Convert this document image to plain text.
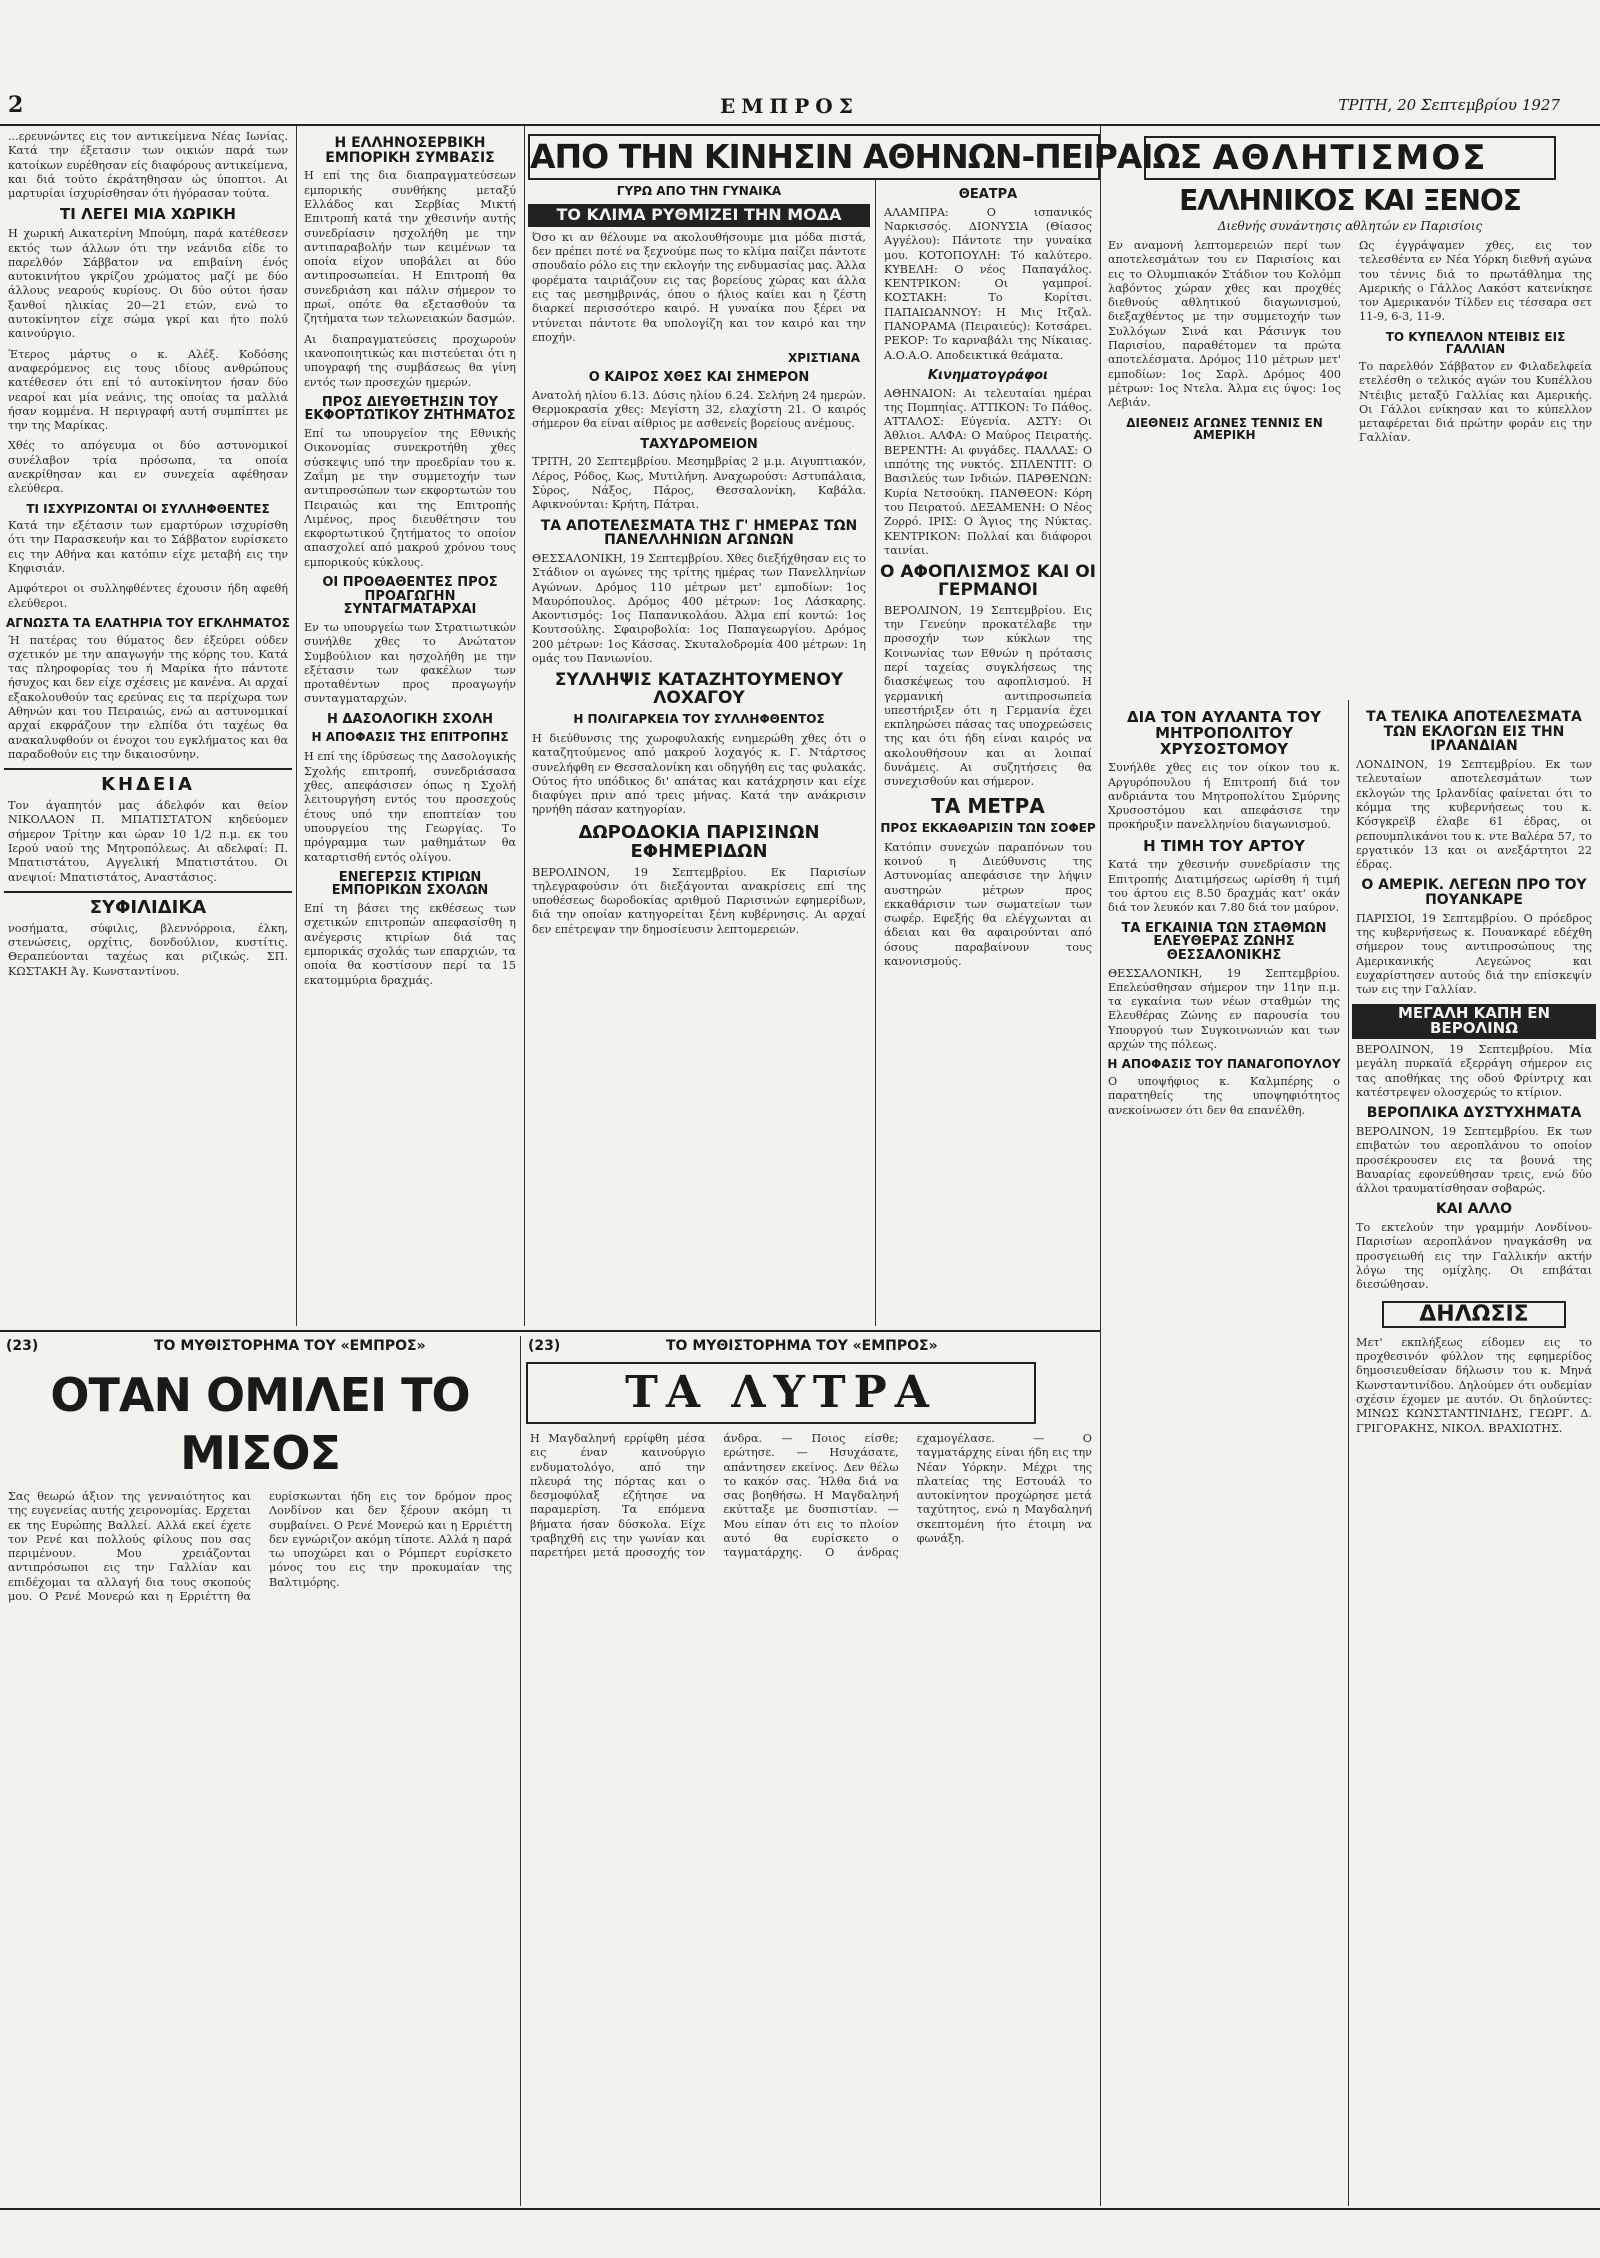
2	ΕΜΠΡΟΣ	ΤΡΙΤΗ, 20 Σεπτεμβρίου 1927

...ερευνώντες εις τον αντικείμενα Νέας Ιωνίας. Κατά την έξετασιν των οικιών παρά των κατοίκων ευρέθησαν είς διαφόρους αντικείμενα, και διά τούτο έκράτηθησαν ώς ύποπτοι. Αι μαρτυρίαι ίσχυρίσθησαν ότι ήγόρασαν τούτα.

ΤΙ ΛΕΓΕΙ ΜΙΑ ΧΩΡΙΚΗ

Η χωρική Αικατερίνη Μπούμη, παρά κατέθεσεν εκτός των άλλων ότι την νεάνιδα είδε το παρελθόν Σάββατον να επιβαίνη ένός αυτοκινήτου γκρίζου χρώματος μαζί με δύο άλλους νεαρούς κυρίους. Οι δύο ούτοι ήσαν ξανθοί ηλικίας 20—21 ετών, ενώ το αυτοκίνητον είχε σώμα γκρί και ήτο πολύ καινούργιο.

Έτερος μάρτυς ο κ. Αλέξ. Κοδόσης αναφερόμενος εις τους ιδίους ανθρώπους κατέθεσεν ότι επί τό αυτοκίνητον ήσαν δύο νεαροί και μία νεάνις, της οποίας τα μαλλιά ήσαν κομμένα. Η περιγραφή αυτή συμπίπτει με την της Μαρίκας.

Χθές το απόγευμα οι δύο αστυνομικοί συνέλαβον τρία πρόσωπα, τα οποία ανεκρίθησαν και εν συνεχεία αφέθησαν ελεύθερα.

ΤΙ ΙΣΧΥΡΙΖΟΝΤΑΙ ΟΙ ΣΥΛΛΗΦΘΕΝΤΕΣ

Κατά την εξέτασιν των εμαρτύρων ισχυρίσθη ότι την Παρασκευήν και το Σάββατον ευρίσκετο εις την Αθήνα και κατόπιν είχε μεταβή εις την Κηφισιάν.

Αμφότεροι οι συλληφθέντες έχουσιν ήδη αφεθή ελεύθεροι.

ΑΓΝΩΣΤΑ ΤΑ ΕΛΑΤΗΡΙΑ ΤΟΥ ΕΓΚΛΗΜΑΤΟΣ

Ή πατέρας του θύματος δεν έξεύρει ούδεν σχετικόν με την απαγωγήν της κόρης του. Κατά τας πληροφορίας του ή Μαρίκα ήτο πάντοτε ήσυχος και δεν είχε σχέσεις με κανένα. Αι αρχαί εξακολουθούν τας ερεύνας εις τα περίχωρα των Αθηνών και του Πειραιώς, ενώ αι αστυνομικαί αρχαί εκφράζουν την ελπίδα ότι ταχέως θα ανακαλυφθούν οι ένοχοι του εγκλήματος και θα παραδοθούν εις την δικαιοσύνην.

ΚΗΔΕΙΑ

Τον άγαπητόν μας άδελφόν και θείον ΝΙΚΟΛΑΟΝ Π. ΜΠΑΤΙΣΤΑΤΟΝ κηδεύομεν σήμερον Τρίτην και ώραν 10 1/2 π.μ. εκ του Ιερού ναού της Μητροπόλεως. Αι αδελφαί: Π. Μπατιστάτου, Αγγελική Μπατιστάτου. Οι ανεψιοί: Μπατιστάτος, Αναστάσιος.

ΣΥΦΙΛΙΔΙΚΑ

νοσήματα, σύφιλις, βλεννόρροια, έλκη, στενώσεις, ορχίτις, δονδούλιον, κυστίτις. Θεραπεύονται ταχέως και ριζικώς. ΣΠ. ΚΩΣΤΑΚΗ Άγ. Κωνσταντίνου.

Η ΕΛΛΗΝΟΣΕΡΒΙΚΗ ΕΜΠΟΡΙΚΗ ΣΥΜΒΑΣΙΣ

Η επί της δια διαπραγματεύσεων εμπορικής συνθήκης μεταξύ Ελλάδος και Σερβίας Μικτή Επιτροπή κατά την χθεσινήν αυτής συνεδρίασιν ησχολήθη με την αντιπαραβολήν των κειμένων τα οποία είχον υποβάλει αι δύο αντιπροσωπείαι. Η Επιτροπή θα συνεδριάση και πάλιν σήμερον το πρωί, οπότε θα εξετασθούν τα ζητήματα των τελωνειακών δασμών.

Αι διαπραγματεύσεις προχωρούν ικανοποιητικώς και πιστεύεται ότι η υπογραφή της συμβάσεως θα γίνη εντός των προσεχών ημερών.

ΠΡΟΣ ΔΙΕΥΘΕΤΗΣΙΝ ΤΟΥ ΕΚΦΟΡΤΩΤΙΚΟΥ ΖΗΤΗΜΑΤΟΣ

Επί τω υπουργείον της Εθνικής Οικονομίας συνεκροτήθη χθες σύσκεψις υπό την προεδρίαν του κ. Ζαΐμη με την συμμετοχήν των αντιπροσώπων των εκφορτωτών του Πειραιώς και της Επιτροπής Λιμένος, προς διευθέτησιν του εκφορτωτικού ζητήματος το οποίον απασχολεί από μακρού χρόνου τους εμπορικούς κύκλους.

ΟΙ ΠΡΟΘΑΘΕΝΤΕΣ ΠΡΟΣ ΠΡΟΑΓΩΓΗΝ ΣΥΝΤΑΓΜΑΤΑΡΧΑΙ

Εν τω υπουργείω των Στρατιωτικών συνήλθε χθες το Ανώτατον Συμβούλιον και ησχολήθη με την εξέτασιν των φακέλων των προταθέντων προς προαγωγήν συνταγματαρχών.

Η ΔΑΣΟΛΟΓΙΚΗ ΣΧΟΛΗ
Η ΑΠΟΦΑΣΙΣ ΤΗΣ ΕΠΙΤΡΟΠΗΣ

Η επί της ίδρύσεως της Δασολογικής Σχολής επιτροπή, συνεδριάσασα χθες, απεφάσισεν όπως η Σχολή λειτουργήση εντός του προσεχούς έτους υπό την εποπτείαν του υπουργείου της Γεωργίας. Το πρόγραμμα των μαθημάτων θα καταρτισθή εντός ολίγου.

ΕΝΕΓΕΡΣΙΣ ΚΤΙΡΙΩΝ ΕΜΠΟΡΙΚΩΝ ΣΧΟΛΩΝ

Επί τη βάσει της εκθέσεως των σχετικών επιτροπών απεφασίσθη η ανέγερσις κτιρίων διά τας εμπορικάς σχολάς των επαρχιών, τα οποία θα κοστίσουν περί τα 15 εκατομμύρια δραχμάς.

ΑΠΟ ΤΗΝ ΚΙΝΗΣΙΝ ΑΘΗΝΩΝ-ΠΕΙΡΑΙΩΣ
ΓΥΡΩ ΑΠΟ ΤΗΝ ΓΥΝΑΙΚΑ
ΤΟ ΚΛΙΜΑ ΡΥΘΜΙΖΕΙ ΤΗΝ ΜΟΔΑ

Όσο κι αν θέλουμε να ακολουθήσουμε μια μόδα πιστά, δεν πρέπει ποτέ να ξεχνούμε πως το κλίμα παίζει πάντοτε σπουδαίο ρόλο εις την εκλογήν της ενδυμασίας μας. Άλλα φορέματα ταιριάζουν εις τας βορείους χώρας και άλλα εις τας μεσημβρινάς, όπου ο ήλιος καίει και η ζέστη διαρκεί περισσότερο καιρό. Η γυναίκα που ξέρει να ντύνεται πάντοτε θα υπολογίζη και τον καιρό και την εποχήν.

ΧΡΙΣΤΙΑΝΑ
Ο ΚΑΙΡΟΣ ΧΘΕΣ ΚΑΙ ΣΗΜΕΡΟΝ

Ανατολή ηλίου 6.13. Δύσις ηλίου 6.24. Σελήνη 24 ημερών. Θερμοκρασία χθες: Μεγίστη 32, ελαχίστη 21. Ο καιρός σήμερον θα είναι αίθριος με ασθενείς βορείους ανέμους.

ΤΑΧΥΔΡΟΜΕΙΟΝ

ΤΡΙΤΗ, 20 Σεπτεμβρίου. Μεσημβρίας 2 μ.μ. Αιγυπτιακόν, Λέρος, Ρόδος, Κως, Μυτιλήνη. Αναχωρούσι: Αστυπάλαια, Σύρος, Νάξος, Πάρος, Θεσσαλονίκη, Καβάλα. Αφικνούνται: Κρήτη, Πάτραι.

ΤΑ ΑΠΟΤΕΛΕΣΜΑΤΑ ΤΗΣ Γ' ΗΜΕΡΑΣ ΤΩΝ ΠΑΝΕΛΛΗΝΙΩΝ ΑΓΩΝΩΝ

ΘΕΣΣΑΛΟΝΙΚΗ, 19 Σεπτεμβρίου. Χθες διεξήχθησαν εις το Στάδιον οι αγώνες της τρίτης ημέρας των Πανελληνίων Αγώνων. Δρόμος 110 μέτρων μετ' εμποδίων: 1ος Μαυρόπουλος. Δρόμος 400 μέτρων: 1ος Λάσκαρης. Ακοντισμός: 1ος Παπανικολάου. Άλμα επί κοντώ: 1ος Κουτσούλης. Σφαιροβολία: 1ος Παπαγεωργίου. Δρόμος 200 μέτρων: 1ος Κάσσας. Σκυταλοδρομία 400 μέτρων: 1η ομάς του Πανιωνίου.

ΣΥΛΛΗΨΙΣ ΚΑΤΑΖΗΤΟΥΜΕΝΟΥ ΛΟΧΑΓΟΥ
Η ΠΟΛΙΓΑΡΚΕΙΑ ΤΟΥ ΣΥΛΛΗΦΘΕΝΤΟΣ

Η διεύθυνσις της χωροφυλακής ενημερώθη χθες ότι ο καταζητούμενος από μακρού λοχαγός κ. Γ. Ντάρτσος συνελήφθη εν Θεσσαλονίκη και οδηγήθη εις τας φυλακάς. Ούτος ήτο υπόδικος δι' απάτας και κατάχρησιν και είχε διαφύγει πριν από τρεις μήνας. Κατά την ανάκρισιν ηρνήθη πάσαν κατηγορίαν.

ΔΩΡΟΔΟΚΙΑ ΠΑΡΙΣΙΝΩΝ ΕΦΗΜΕΡΙΔΩΝ

ΒΕΡΟΛΙΝΟΝ, 19 Σεπτεμβρίου. Εκ Παρισίων τηλεγραφούσιν ότι διεξάγονται ανακρίσεις επί της υποθέσεως δωροδοκίας αριθμού Παρισινών εφημερίδων, διά την οποίαν κατηγορείται ξένη κυβέρνησις. Αι αρχαί δεν επέτρεψαν την δημοσίευσιν λεπτομερειών.

ΘΕΑΤΡΑ

ΑΛΑΜΠΡΑ: Ο ισπανικός Ναρκισσός. ΔΙΟΝΥΣΙΑ (Θίασος Αγγέλου): Πάντοτε την γυναίκα μου. ΚΟΤΟΠΟΥΛΗ: Τό καλύτερο. ΚΥΒΕΛΗ: Ο νέος Παπαγάλος. ΚΕΝΤΡΙΚΟΝ: Οι γαμπροί. ΚΟΣΤΑΚΗ: Το Κορίτσι. ΠΑΠΑΙΩΑΝΝΟΥ: Η Μις Ιτζαλ. ΠΑΝΟΡΑΜΑ (Πειραιεύς): Κοτσάρει. ΡΕΚΟΡ: Το καρναβάλι της Νίκαιας. Α.Ο.Α.Ο. Αποδεικτικά θεάματα.

Κινηματογράφοι

ΑΘΗΝΑΙΟΝ: Αι τελευταίαι ημέραι της Πομπηίας. ΑΤΤΙΚΟΝ: Το Πάθος. ΑΤΤΑΛΟΣ: Εύγενία. ΑΣΤΥ: Οι Άθλιοι. ΑΛΦΑ: Ο Μαύρος Πειρατής. ΒΕΡΕΝΤΗ: Αι φυγάδες. ΠΑΛΛΑΣ: Ο ιππότης της νυκτός. ΣΠΛΕΝΤΙΤ: Ο Βασιλεύς των Ινδιών. ΠΑΡΘΕΝΩΝ: Κυρία Νετσούκη. ΠΑΝΘΕΟΝ: Κόρη του Πειρατού. ΔΕΞΑΜΕΝΗ: Ο Νέος Ζορρό. ΙΡΙΣ: Ο Άγιος της Νύκτας. ΚΕΝΤΡΙΚΟΝ: Πολλαί και διάφοροι ταινίαι.

Ο ΑΦΟΠΛΙΣΜΟΣ ΚΑΙ ΟΙ ΓΕΡΜΑΝΟΙ

ΒΕΡΟΛΙΝΟΝ, 19 Σεπτεμβρίου. Εις την Γενεύην προκατέλαβε την προσοχήν των κύκλων της Κοινωνίας των Εθνών η πρότασις περί ταχείας συγκλήσεως της διασκέψεως του αφοπλισμού. Η γερμανική αντιπροσωπεία υπεστήριξεν ότι η Γερμανία έχει εκπληρώσει πάσας τας υποχρεώσεις της και ότι ήδη είναι καιρός να ακολουθήσουν και αι λοιπαί δυνάμεις. Αι συζητήσεις θα συνεχισθούν και σήμερον.

ΤΑ ΜΕΤΡΑ
ΠΡΟΣ ΕΚΚΑΘΑΡΙΣΙΝ ΤΩΝ ΣΟΦΕΡ

Κατόπιν συνεχών παραπόνων του κοινού η Διεύθυνσις της Αστυνομίας απεφάσισε την λήψιν αυστηρών μέτρων προς εκκαθάρισιν των σωματείων των σωφέρ. Εφεξής θα ελέγχωνται αι άδειαι και θα αφαιρούνται από όσους παραβαίνουν τους κανονισμούς.

ΑΘΛΗΤΙΣΜΟΣ
ΕΛΛΗΝΙΚΟΣ ΚΑΙ ΞΕΝΟΣ
Διεθνής συνάντησις αθλητών εν Παρισίοις

Εν αναμονή λεπτομερειών περί των αποτελεσμάτων του εν Παρισίοις και εις το Ολυμπιακόν Στάδιον του Κολόμπ λαβόντος χώραν χθες και προχθές διεθνούς αθλητικού διαγωνισμού, διεξαχθέντος με την συμμετοχήν των Συλλόγων Σινά και Ράσινγκ του Παρισίου, παραθέτομεν τα πρώτα αποτελέσματα. Δρόμος 110 μέτρων μετ' εμποδίων: 1ος Σαρλ. Δρόμος 400 μέτρων: 1ος Ντελα. Άλμα εις ύψος: 1ος Λεβιάν.

ΔΙΕΘΝΕΙΣ ΑΓΩΝΕΣ ΤΕΝΝΙΣ ΕΝ ΑΜΕΡΙΚΗ

Ως έγγράψαμεν χθες, εις τον τελεσθέντα εν Νέα Υόρκη διεθνή αγώνα του τέννις διά το πρωτάθλημα της Αμερικής ο Γάλλος Λακόστ κατενίκησε τον Αμερικανόν Τίλδεν εις τέσσαρα σετ 11-9, 6-3, 11-9.

ΤΟ ΚΥΠΕΛΛΟΝ ΝΤΕΙΒΙΣ ΕΙΣ ΓΑΛΛΙΑΝ

Το παρελθόν Σάββατον εν Φιλαδελφεία ετελέσθη ο τελικός αγών του Κυπέλλου Ντέιβις μεταξύ Γαλλίας και Αμερικής. Οι Γάλλοι ενίκησαν και το κύπελλον μεταφέρεται διά πρώτην φοράν εις την Γαλλίαν.

ΔΙΑ ΤΟΝ ΑΥΛΑΝΤΑ ΤΟΥ ΜΗΤΡΟΠΟΛΙΤΟΥ ΧΡΥΣΟΣΤΟΜΟΥ

Συνήλθε χθες εις τον οίκον του κ. Αργυρόπουλου ή Επιτροπή διά τον ανδριάντα του Μητροπολίτου Σμύρνης Χρυσοστόμου και απεφάσισε την προκήρυξιν πανελληνίου διαγωνισμού.

Η ΤΙΜΗ ΤΟΥ ΑΡΤΟΥ

Κατά την χθεσινήν συνεδρίασιν της Επιτροπής Διατιμήσεως ωρίσθη ή τιμή του άρτου εις 8.50 δραχμάς κατ' οκάν διά τον λευκόν και 7.80 διά τον μαύρον.

ΤΑ ΕΓΚΑΙΝΙΑ ΤΩΝ ΣΤΑΘΜΩΝ ΕΛΕΥΘΕΡΑΣ ΖΩΝΗΣ ΘΕΣΣΑΛΟΝΙΚΗΣ

ΘΕΣΣΑΛΟΝΙΚΗ, 19 Σεπτεμβρίου. Επελεύσθησαν σήμερον την 11ην π.μ. τα εγκαίνια των νέων σταθμών της Ελευθέρας Ζώνης εν παρουσία του Υπουργού των Συγκοινωνιών και των αρχών της πόλεως.

Η ΑΠΟΦΑΣΙΣ ΤΟΥ ΠΑΝΑΓΟΠΟΥΛΟΥ

Ο υποψήφιος κ. Καλμπέρης ο παρατηθείς της υποψηφιότητος ανεκοίνωσεν ότι δεν θα επανέλθη.

ΤΑ ΤΕΛΙΚΑ ΑΠΟΤΕΛΕΣΜΑΤΑ ΤΩΝ ΕΚΛΟΓΩΝ ΕΙΣ ΤΗΝ ΙΡΛΑΝΔΙΑΝ

ΛΟΝΔΙΝΟΝ, 19 Σεπτεμβρίου. Εκ των τελευταίων αποτελεσμάτων των εκλογών της Ιρλανδίας φαίνεται ότι το κόμμα της κυβερνήσεως του κ. Κόσγκρεϊβ έλαβε 61 έδρας, οι ρεπουμπλικάνοι του κ. ντε Βαλέρα 57, το εργατικόν 13 και οι ανεξάρτητοι 22 έδρας.

Ο ΑΜΕΡΙΚ. ΛΕΓΕΩΝ ΠΡΟ ΤΟΥ ΠΟΥΑΝΚΑΡΕ

ΠΑΡΙΣΙΟΙ, 19 Σεπτεμβρίου. Ο πρόεδρος της κυβερνήσεως κ. Πουανκαρέ εδέχθη σήμερον τους αντιπροσώπους της Αμερικανικής Λεγεώνος και ευχαρίστησεν αυτούς διά την επίσκεψίν των εις την Γαλλίαν.

ΜΕΓΑΛΗ ΚΑΠΗ ΕΝ ΒΕΡΟΛΙΝΩ

ΒΕΡΟΛΙΝΟΝ, 19 Σεπτεμβρίου. Μία μεγάλη πυρκαϊά εξερράγη σήμερον εις τας αποθήκας της οδού Φρίντριχ και κατέστρεψεν ολοσχερώς το κτίριον.

ΒΕΡΟΠΛΙΚΑ ΔΥΣΤΥΧΗΜΑΤΑ

ΒΕΡΟΛΙΝΟΝ, 19 Σεπτεμβρίου. Εκ των επιβατών του αεροπλάνου το οποίον προσέκρουσεν εις τα βουνά της Βαυαρίας εφονεύθησαν τρεις, ενώ δύο άλλοι τραυματίσθησαν σοβαρώς.

ΚΑΙ ΑΛΛΟ

Το εκτελούν την γραμμήν Λονδίνου-Παρισίων αεροπλάνον ηναγκάσθη να προσγειωθή εις την Γαλλικήν ακτήν λόγω της ομίχλης. Οι επιβάται διεσώθησαν.

ΔΗΛΩΣΙΣ

Μετ' εκπλήξεως είδομεν εις το προχθεσινόν φύλλον της εφημερίδος δημοσιευθείσαν δήλωσιν του κ. Μηνά Κωνσταντινίδου. Δηλούμεν ότι ουδεμίαν σχέσιν έχομεν με αυτόν. Οι δηλούντες: ΜΙΝΩΣ ΚΩΝΣΤΑΝΤΙΝΙΔΗΣ, ΓΕΩΡΓ. Δ. ΓΡΙΓΟΡΑΚΗΣ, ΝΙΚΟΛ. ΒΡΑΧΙΩΤΗΣ.

(23)	ΤΟ ΜΥΘΙΣΤΟΡΗΜΑ ΤΟΥ «ΕΜΠΡΟΣ»
ΟΤΑΝ ΟΜΙΛΕΙ ΤΟ ΜΙΣΟΣ

Σας θεωρώ άξιον της γενναιότητος και της ευγενείας αυτής χειρονομίας. Ερχεται εκ της Ευρώπης Βαλλεί. Αλλά εκεί έχετε τον Ρενέ και πολλούς φίλους που σας περιμένουν. Μου χρειάζονται αντιπρόσωποι εις την Γαλλίαν και επιδέχομαι τα αλλαγή δια τους σκοπούς μου. Ο Ρενέ Μονερώ και η Ερριέττη θα ευρίσκωνται ήδη εις τον δρόμον προς Λονδίνον και δεν ξέρουν ακόμη τι συμβαίνει. Ο Ρενέ Μονερώ και η Ερριέττη δεν εγνώριζον ακόμη τίποτε. Αλλά η παρά τω υποχώρει και ο Ρόμπερτ ευρίσκετο μόνος του εις την προκυμαίαν της Βαλτιμόρης.

(23)	ΤΟ ΜΥΘΙΣΤΟΡΗΜΑ ΤΟΥ «ΕΜΠΡΟΣ»
ΤΑ ΛΥΤΡΑ

Η Μαγδαληνή ερρίφθη μέσα εις έναν καινούργιο ενδυματολόγο, από την πλευρά της πόρτας και ο δεσμοφύλαξ εζήτησε να παραμερίση. Τα επόμενα βήματα ήσαν δύσκολα. Είχε τραβηχθή εις την γωνίαν και παρετήρει μετά προσοχής τον άνδρα. — Ποιος είσθε; ερώτησε. — Ησυχάσατε, απάντησεν εκείνος. Δεν θέλω το κακόν σας. Ήλθα διά να σας βοηθήσω. Η Μαγδαληνή εκύτταξε με δυσπιστίαν. — Μου είπαν ότι εις το πλοίον αυτό θα ευρίσκετο ο ταγματάρχης. Ο άνδρας εχαμογέλασε. — Ο ταγματάρχης είναι ήδη εις την Νέαν Υόρκην. Μέχρι της πλατείας της Εστουάλ το αυτοκίνητον προχώρησε μετά ταχύτητος, ενώ η Μαγδαληνή σκεπτομένη ήτο έτοιμη να φωνάξη.
